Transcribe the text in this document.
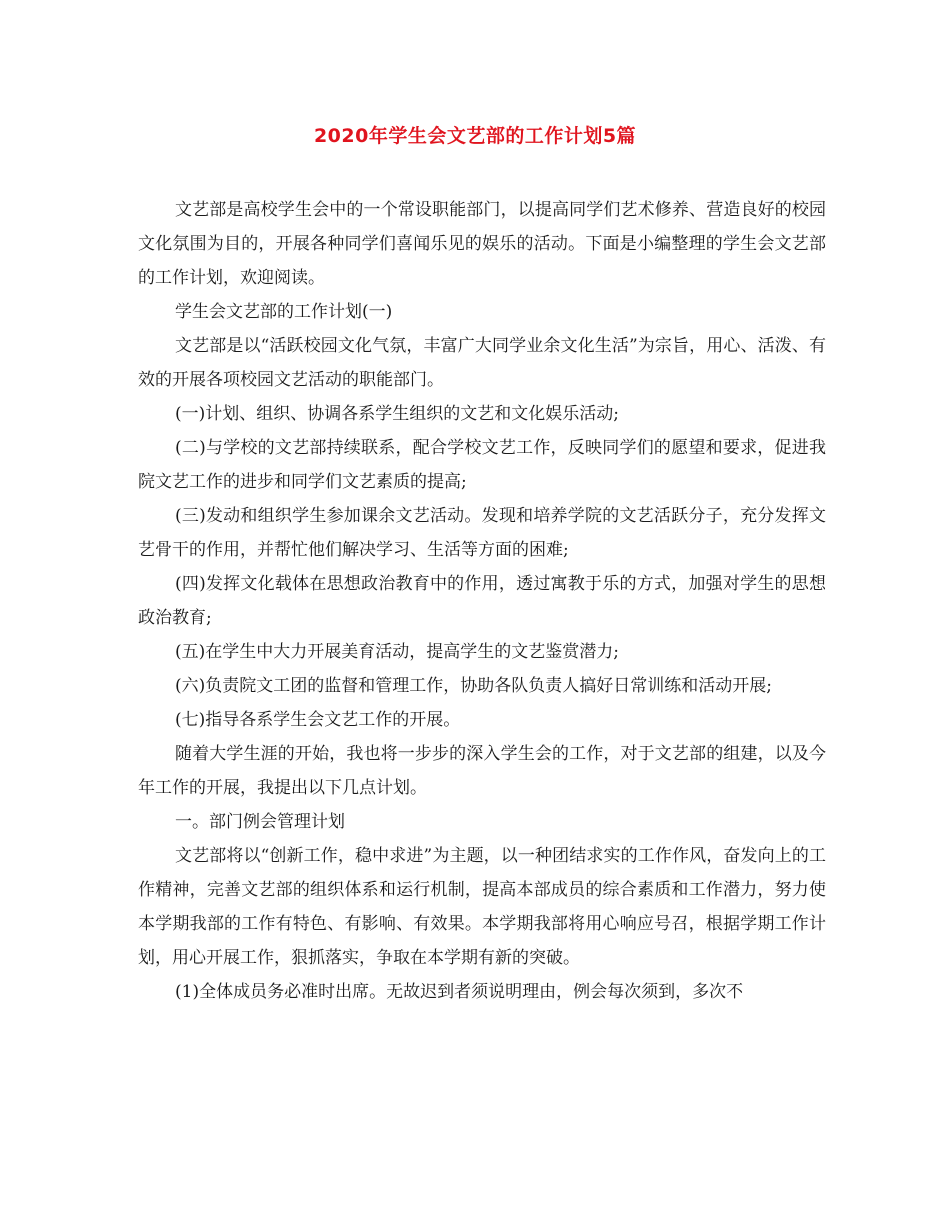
2020年学生会文艺部的工作计划5篇

文艺部是高校学生会中的一个常设职能部门，以提高同学们艺术修养、营造良好的校园文化氛围为目的，开展各种同学们喜闻乐见的娱乐的活动。下面是小编整理的学生会文艺部的工作计划，欢迎阅读。

学生会文艺部的工作计划(一)

文艺部是以“活跃校园文化气氛，丰富广大同学业余文化生活”为宗旨，用心、活泼、有效的开展各项校园文艺活动的职能部门。

(一)计划、组织、协调各系学生组织的文艺和文化娱乐活动;

(二)与学校的文艺部持续联系，配合学校文艺工作，反映同学们的愿望和要求，促进我院文艺工作的进步和同学们文艺素质的提高;

(三)发动和组织学生参加课余文艺活动。发现和培养学院的文艺活跃分子，充分发挥文艺骨干的作用，并帮忙他们解决学习、生活等方面的困难;

(四)发挥文化载体在思想政治教育中的作用，透过寓教于乐的方式，加强对学生的思想政治教育;

(五)在学生中大力开展美育活动，提高学生的文艺鉴赏潜力;

(六)负责院文工团的监督和管理工作，协助各队负责人搞好日常训练和活动开展;

(七)指导各系学生会文艺工作的开展。

随着大学生涯的开始，我也将一步步的深入学生会的工作，对于文艺部的组建，以及今年工作的开展，我提出以下几点计划。

一。部门例会管理计划

文艺部将以“创新工作，稳中求进”为主题，以一种团结求实的工作作风，奋发向上的工作精神，完善文艺部的组织体系和运行机制，提高本部成员的综合素质和工作潜力，努力使本学期我部的工作有特色、有影响、有效果。本学期我部将用心响应号召，根据学期工作计划，用心开展工作，狠抓落实，争取在本学期有新的突破。

(1)全体成员务必准时出席。无故迟到者须说明理由，例会每次须到，多次不
